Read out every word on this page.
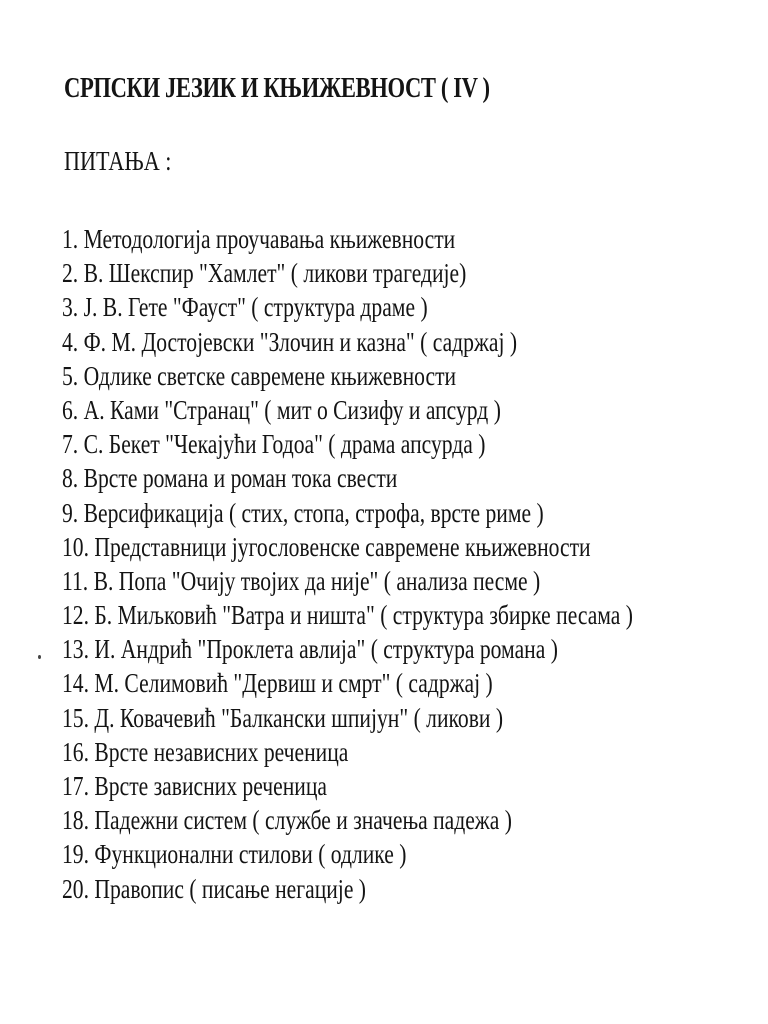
СРПСКИ ЈЕЗИК И КЊИЖЕВНОСТ ( IV )
ПИТАЊА :
1. Методологија проучавања књижевности
2. В. Шекспир "Хамлет" ( ликови трагедије)
3. Ј. В. Гете "Фауст" ( структура драме )
4. Ф. М. Достојевски "Злочин и казна" ( садржај )
5. Одлике светске савремене књижевности
6. А. Ками "Странац" ( мит о Сизифу и апсурд )
7. С. Бекет "Чекајући Годоа" ( драма апсурда )
8. Врсте романа и роман тока свести
9. Версификација ( стих, стопа, строфа, врсте риме )
10. Представници југословенске савремене књижевности
11. В. Попа "Очију твојих да није" ( анализа песме )
12. Б. Миљковић "Ватра и ништа" ( структура збирке песама )
13. И. Андрић "Проклета авлија" ( структура романа )
14. М. Селимовић "Дервиш и смрт" ( садржај )
15. Д. Ковачевић "Балкански шпијун" ( ликови )
16. Врсте независних реченица
17. Врсте зависних реченица
18. Падежни систем ( службе и значења падежа )
19. Функционални стилови ( одлике )
20. Правопис ( писање негације )
